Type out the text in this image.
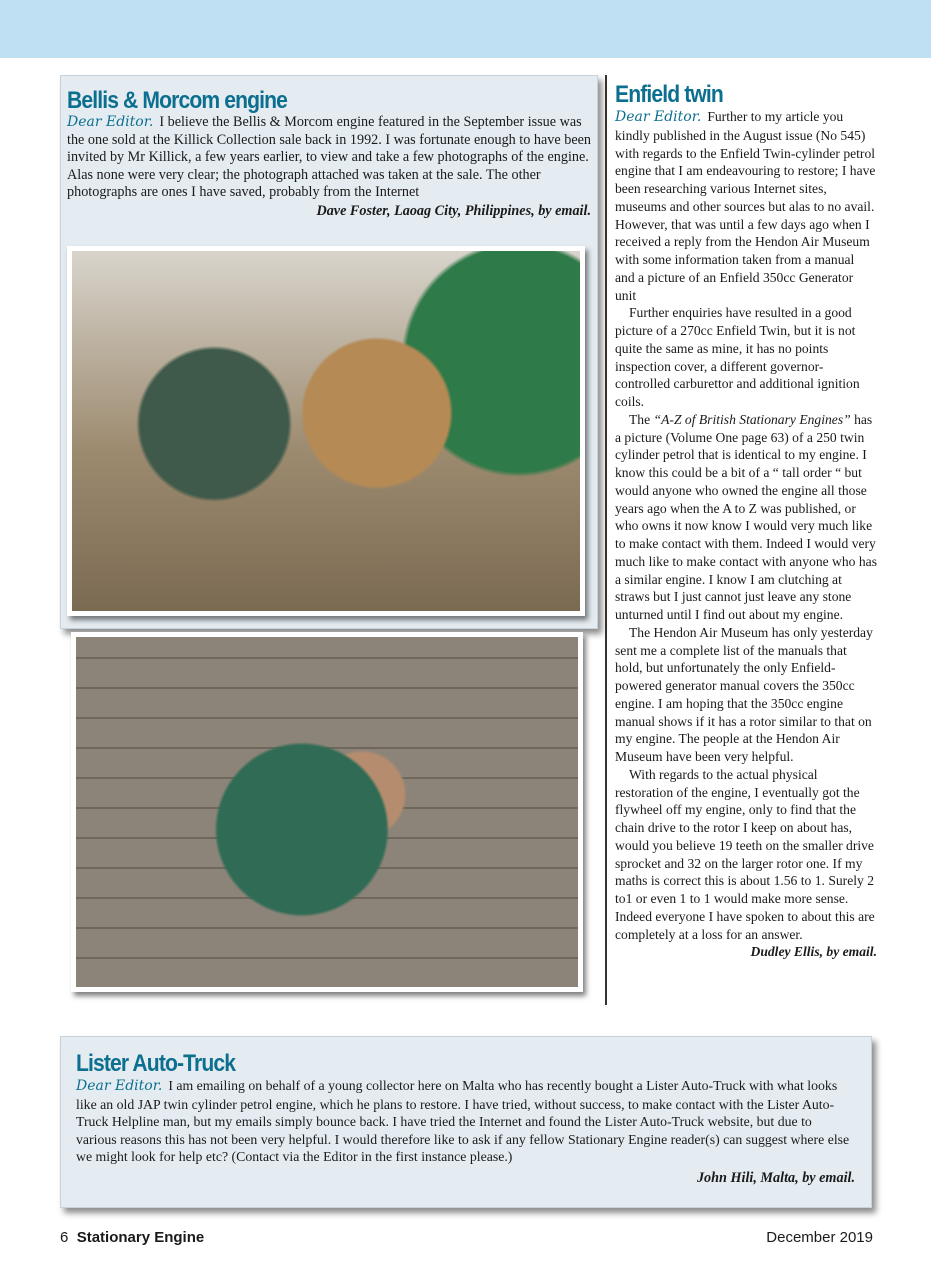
Bellis & Morcom engine

Dear Editor. I believe the Bellis & Morcom engine featured in the September issue was the one sold at the Killick Collection sale back in 1992. I was fortunate enough to have been invited by Mr Killick, a few years earlier, to view and take a few photographs of the engine. Alas none were very clear; the photograph attached was taken at the sale. The other photographs are ones I have saved, probably from the Internet

Dave Foster, Laoag City, Philippines, by email.

Enfield twin

Dear Editor. Further to my article you kindly published in the August issue (No 545) with regards to the Enfield Twin-cylinder petrol engine that I am endeavouring to restore; I have been researching various Internet sites, museums and other sources but alas to no avail. However, that was until a few days ago when I received a reply from the Hendon Air Museum with some information taken from a manual and a picture of an Enfield 350cc Generator unit

Further enquiries have resulted in a good picture of a 270cc Enfield Twin, but it is not quite the same as mine, it has no points inspection cover, a different governor-controlled carburettor and additional ignition coils.

The “A-Z of British Stationary Engines” has a picture (Volume One page 63) of a 250 twin cylinder petrol that is identical to my engine. I know this could be a bit of a “ tall order “ but would anyone who owned the engine all those years ago when the A to Z was published, or who owns it now know I would very much like to make contact with them. Indeed I would very much like to make contact with anyone who has a similar engine. I know I am clutching at straws but I just cannot just leave any stone unturned until I find out about my engine.

The Hendon Air Museum has only yesterday sent me a complete list of the manuals that hold, but unfortunately the only Enfield-powered generator manual covers the 350cc engine. I am hoping that the 350cc engine manual shows if it has a rotor similar to that on my engine. The people at the Hendon Air Museum have been very helpful.

With regards to the actual physical restoration of the engine, I eventually got the flywheel off my engine, only to find that the chain drive to the rotor I keep on about has, would you believe 19 teeth on the smaller drive sprocket and 32 on the larger rotor one. If my maths is correct this is about 1.56 to 1. Surely 2 to1 or even 1 to 1 would make more sense. Indeed everyone I have spoken to about this are completely at a loss for an answer.

Dudley Ellis, by email.

Lister Auto-Truck

Dear Editor. I am emailing on behalf of a young collector here on Malta who has recently bought a Lister Auto-Truck with what looks like an old JAP twin cylinder petrol engine, which he plans to restore. I have tried, without success, to make contact with the Lister Auto-Truck Helpline man, but my emails simply bounce back. I have tried the Internet and found the Lister Auto-Truck website, but due to various reasons this has not been very helpful. I would therefore like to ask if any fellow Stationary Engine reader(s) can suggest where else we might look for help etc? (Contact via the Editor in the first instance please.)

John Hili, Malta, by email.

6 Stationary Engine	December 2019
